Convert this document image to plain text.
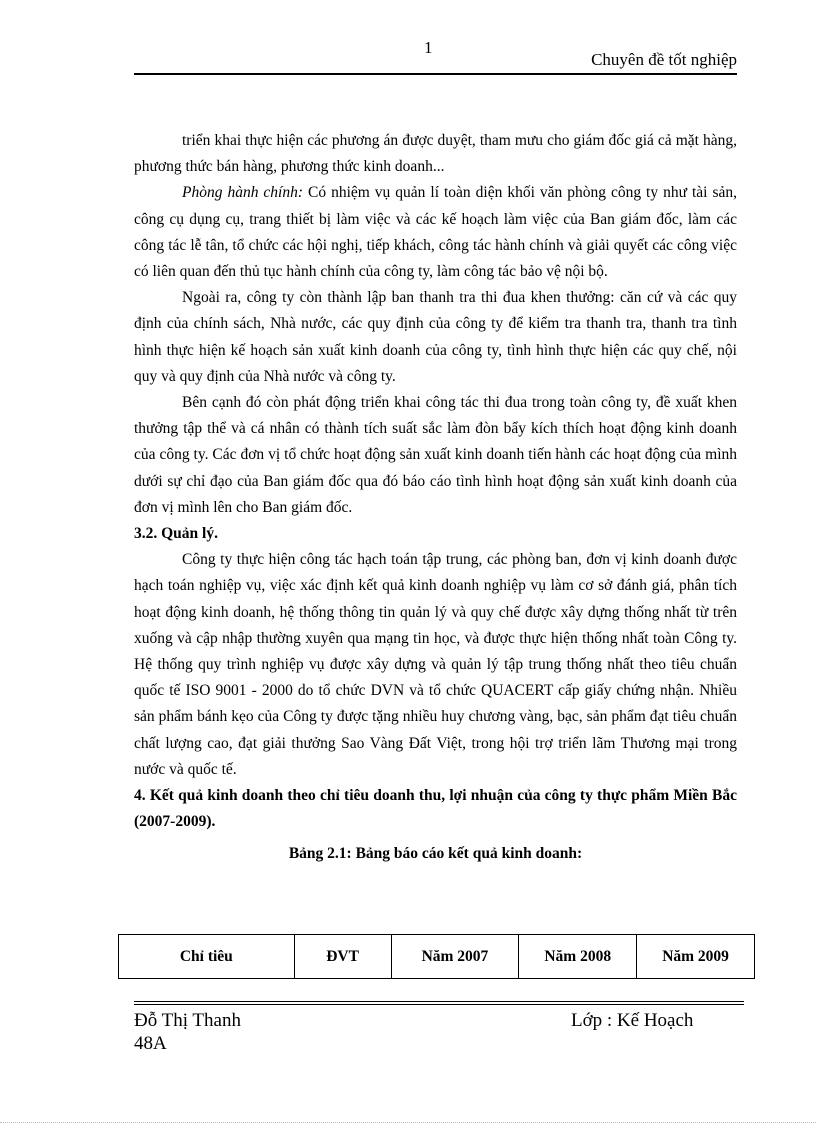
1
Chuyên đề tốt nghiệp

triển khai thực hiện các phương án được duyệt, tham mưu cho giám đốc giá cả mặt hàng, phương thức bán hàng, phương thức kinh doanh...

Phòng hành chính: Có nhiệm vụ quản lí toàn diện khối văn phòng công ty như tài sản, công cụ dụng cụ, trang thiết bị làm việc và các kế hoạch làm việc của Ban giám đốc, làm các công tác lễ tân, tổ chức các hội nghị, tiếp khách, công tác hành chính và giải quyết các công việc có liên quan đến thủ tục hành chính của công ty, làm công tác bảo vệ nội bộ.

Ngoài ra, công ty còn thành lập ban thanh tra thi đua khen thưởng: căn cứ và các quy định của chính sách, Nhà nước, các quy định của công ty để kiểm tra thanh tra, thanh tra tình hình thực hiện kế hoạch sản xuất kinh doanh của công ty, tình hình thực hiện các quy chế, nội quy và quy định của Nhà nước và công ty.

Bên cạnh đó còn phát động triển khai công tác thi đua trong toàn công ty, đề xuất khen thưởng tập thể và cá nhân có thành tích suất sắc làm đòn bẩy kích thích hoạt động kinh doanh của công ty. Các đơn vị tổ chức hoạt động sản xuất kinh doanh tiến hành các hoạt động của mình dưới sự chỉ đạo của Ban giám đốc qua đó báo cáo tình hình hoạt động sản xuất kinh doanh của đơn vị mình lên cho Ban giám đốc.

3.2. Quản lý.

Công ty thực hiện công tác hạch toán tập trung, các phòng ban, đơn vị kinh doanh được hạch toán nghiệp vụ, việc xác định kết quả kinh doanh nghiệp vụ làm cơ sở đánh giá, phân tích hoạt động kinh doanh, hệ thống thông tin quản lý và quy chế được xây dựng thống nhất từ trên xuống và cập nhập thường xuyên qua mạng tin học, và được thực hiện thống nhất toàn Công ty. Hệ thống quy trình nghiệp vụ được xây dựng và quản lý tập trung thống nhất theo tiêu chuẩn quốc tế ISO 9001 - 2000 do tổ chức DVN và tổ chức QUACERT cấp giấy chứng nhận. Nhiều sản phẩm bánh kẹo của Công ty được tặng nhiều huy chương vàng, bạc, sản phẩm đạt tiêu chuẩn chất lượng cao, đạt giải thưởng Sao Vàng Đất Việt, trong hội trợ triển lãm Thương mại trong nước và quốc tế.

4. Kết quả kinh doanh theo chỉ tiêu doanh thu, lợi nhuận của công ty thực phẩm Miền Bắc (2007-2009).

Bảng 2.1: Bảng báo cáo kết quả kinh doanh:

Chỉ tiêu	ĐVT	Năm 2007	Năm 2008	Năm 2009
Đỗ Thị Thanh
48A
Lớp : Kế Hoạch
